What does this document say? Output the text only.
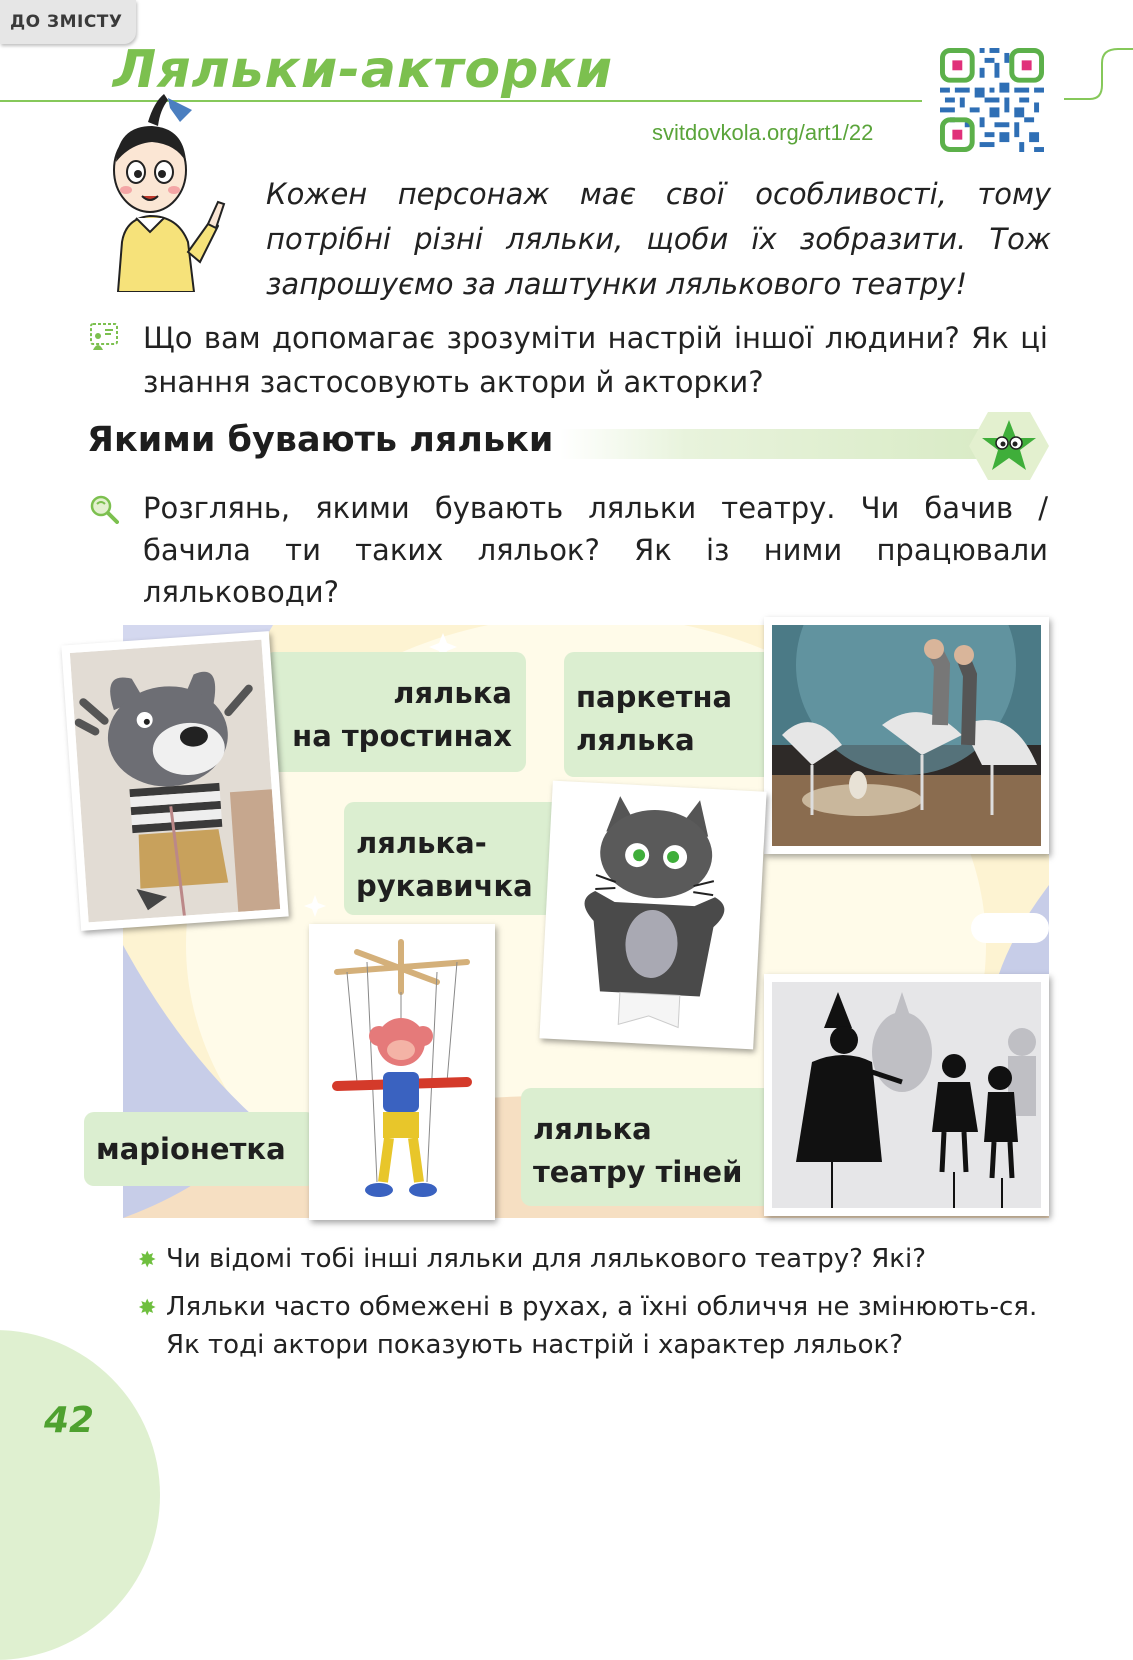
ДО ЗМІСТУ
Ляльки-акторки
svitdovkola.org/art1/22
Кожен персонаж має свої особливості, тому потрібні різні ляльки, щоби їх зобразити. Тож запрошуємо за лаштунки лялькового театру!
Що вам допомагає зрозуміти настрій іншої людини? Як ці знання застосовують актори й акторки?
Якими бувають ляльки
Розглянь, якими бувають ляльки театру. Чи бачив / бачила ти таких ляльок? Як із ними працювали ляльководи?
лялька
на тростинах
паркетна
лялька
лялька-
рукавичка
маріонетка
лялька
театру тіней
✸ Чи відомі тобі інші ляльки для лялькового театру? Які?
✸ Ляльки часто обмежені в рухах, а їхні обличчя не змінюють-ся. Як тоді актори показують настрій і характер ляльок?
42
